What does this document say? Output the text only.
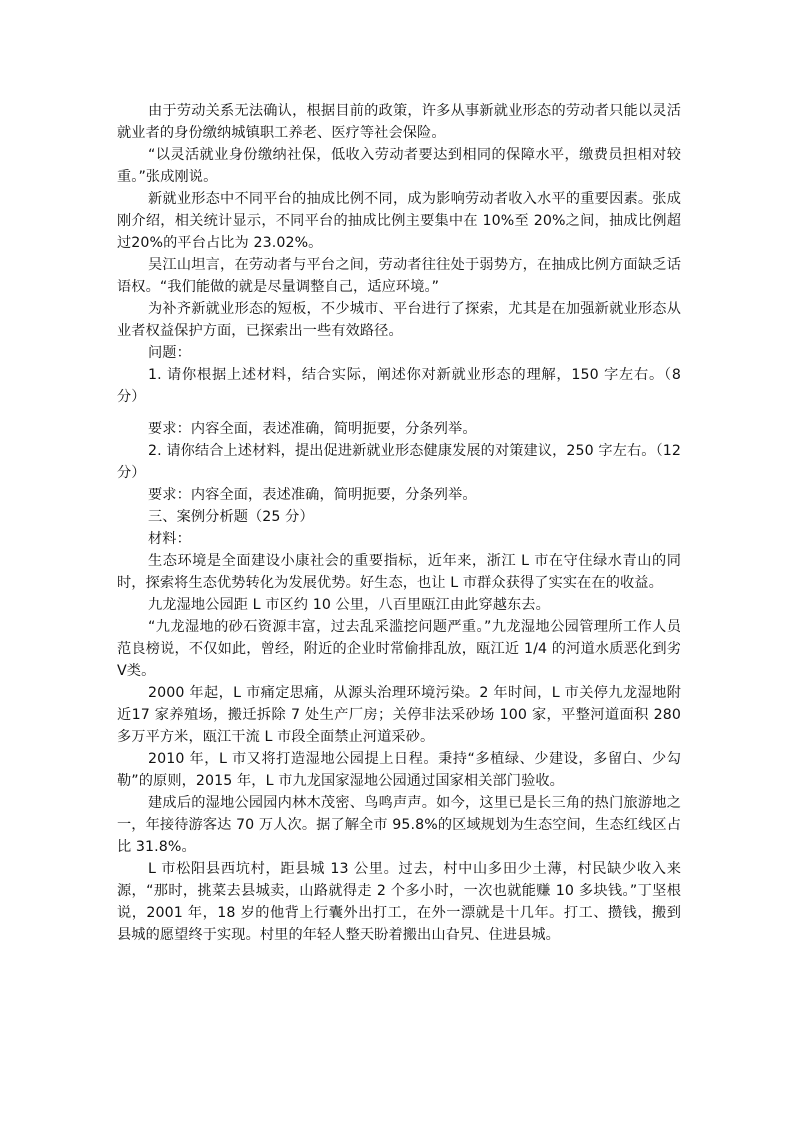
由于劳动关系无法确认，根据目前的政策，许多从事新就业形态的劳动者只能以灵活就业者的身份缴纳城镇职工养老、医疗等社会保险。

“以灵活就业身份缴纳社保，低收入劳动者要达到相同的保障水平，缴费员担相对较重。”张成刚说。

新就业形态中不同平台的抽成比例不同，成为影响劳动者收入水平的重要因素。张成刚介绍，相关统计显示，不同平台的抽成比例主要集中在 10%至 20%之间，抽成比例超过20%的平台占比为 23.02%。

吴江山坦言，在劳动者与平台之间，劳动者往往处于弱势方，在抽成比例方面缺乏话语权。“我们能做的就是尽量调整自己，适应环境。”

为补齐新就业形态的短板，不少城市、平台进行了探索，尤其是在加强新就业形态从业者权益保护方面，已探索出一些有效路径。

问题：

1. 请你根据上述材料，结合实际，阐述你对新就业形态的理解，150 字左右。（8 分）

要求：内容全面，表述准确，简明扼要，分条列举。

2. 请你结合上述材料，提出促进新就业形态健康发展的对策建议，250 字左右。（12分）

要求：内容全面，表述准确，简明扼要，分条列举。

三、案例分析题（25 分）

材料：

生态环境是全面建设小康社会的重要指标，近年来，浙江 L 市在守住绿水青山的同时，探索将生态优势转化为发展优势。好生态，也让 L 市群众获得了实实在在的收益。

九龙湿地公园距 L 市区约 10 公里，八百里瓯江由此穿越东去。

“九龙湿地的砂石资源丰富，过去乱采滥挖问题严重。”九龙湿地公园管理所工作人员范良榜说，不仅如此，曾经，附近的企业时常偷排乱放，瓯江近 1/4 的河道水质恶化到劣Ⅴ类。

2000 年起，L 市痛定思痛，从源头治理环境污染。2 年时间，L 市关停九龙湿地附近17 家养殖场，搬迁拆除 7 处生产厂房；关停非法采砂场 100 家，平整河道面积 280 多万平方米，瓯江干流 L 市段全面禁止河道采砂。

2010 年，L 市又将打造湿地公园提上日程。秉持“多植绿、少建设，多留白、少勾勒”的原则，2015 年，L 市九龙国家湿地公园通过国家相关部门验收。

建成后的湿地公园园内林木茂密、鸟鸣声声。如今，这里已是长三角的热门旅游地之一，年接待游客达 70 万人次。据了解全市 95.8%的区域规划为生态空间，生态红线区占比 31.8%。

L 市松阳县西坑村，距县城 13 公里。过去，村中山多田少土薄，村民缺少收入来源，“那时，挑菜去县城卖，山路就得走 2 个多小时，一次也就能赚 10 多块钱。”丁坚根说，2001 年，18 岁的他背上行囊外出打工，在外一漂就是十几年。打工、攒钱，搬到县城的愿望终于实现。村里的年轻人整天盼着搬出山旮旯、住进县城。
